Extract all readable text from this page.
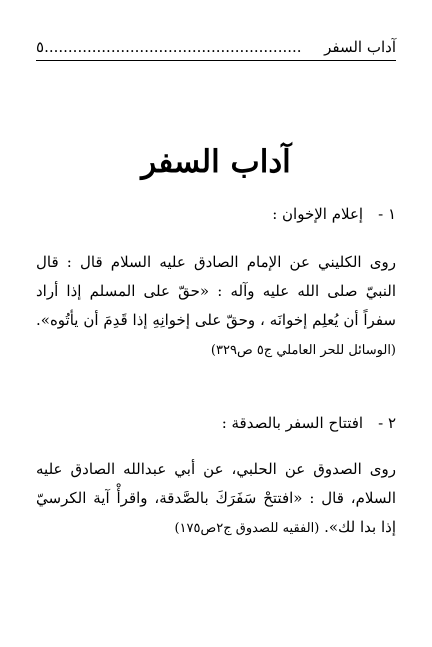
آداب السفر
٥......................................................
آداب السفر

١ -إعلام الإخوان :

روى الكليني عن الإمام الصادق عليه السلام قال : قال النبيّ صلى الله عليه وآله : «حقّ على المسلم إذا أراد سفراً أن يُعلِم إخوانَه ، وحقّ على إخوانِهِ إذا قَدِمَ أن يأتُوه». (الوسائل للحر العاملي ج٥ ص٣٢٩)

٢ -افتتاح السفر بالصدقة :

روى الصدوق عن الحلبي، عن أبي عبدالله الصادق عليه السلام، قال : «افتتحْ سَفَرَكَ بالصَّدقة، واقرأْ آية الكرسيّ إذا بدا لك». (الفقيه للصدوق ج٢ص١٧٥)
